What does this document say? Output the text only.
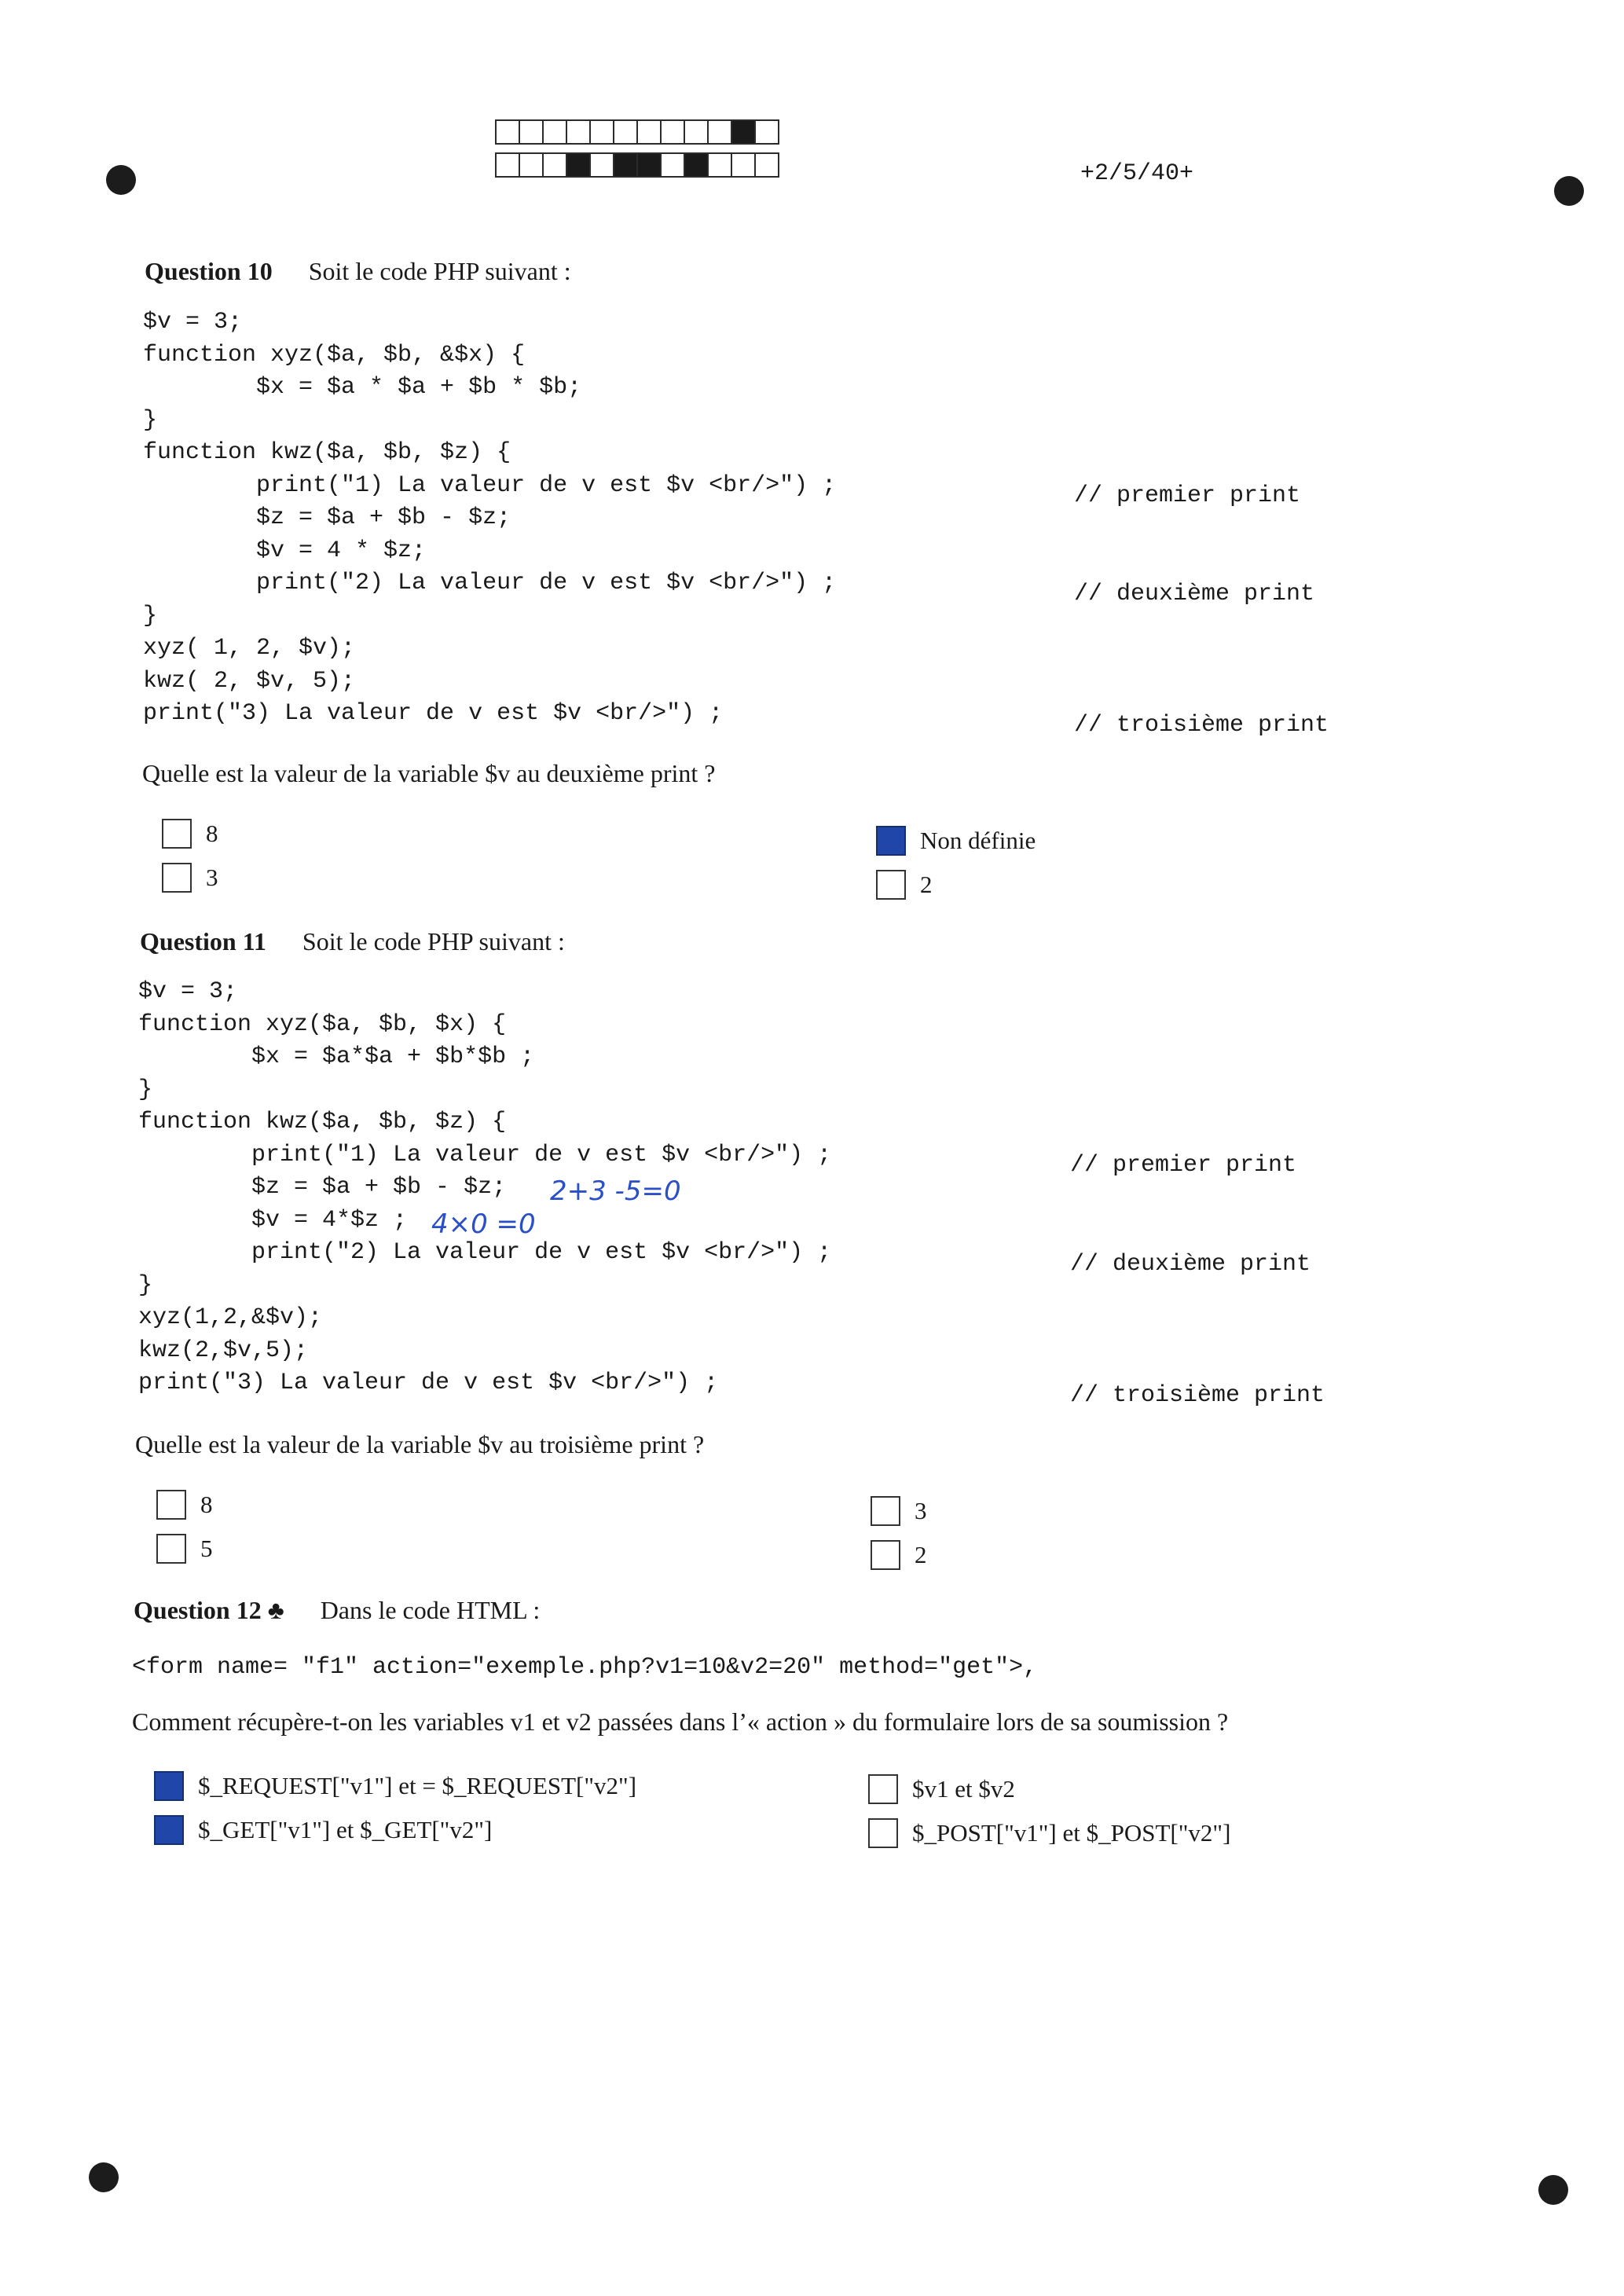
+2/5/40+
Question 10 Soit le code PHP suivant :
$v = 3;
function xyz($a, $b, &$x) {
$x = $a * $a + $b * $b;
}
function kwz($a, $b, $z) {
print("1) La valeur de v est $v <br/>") ;
$z = $a + $b - $z;
$v = 4 * $z;
print("2) La valeur de v est $v <br/>") ;
}
xyz( 1, 2, $v);
kwz( 2, $v, 5);
print("3) La valeur de v est $v <br/>") ;
// premier print
// deuxième print
// troisième print
Quelle est la valeur de la variable $v au deuxième print ?
8
3
Non définie
2
Question 11 Soit le code PHP suivant :
$v = 3;
function xyz($a, $b, $x) {
$x = $a*$a + $b*$b ;
}
function kwz($a, $b, $z) {
print("1) La valeur de v est $v <br/>") ;
$z = $a + $b - $z;
$v = 4*$z ;
print("2) La valeur de v est $v <br/>") ;
}
xyz(1,2,&$v);
kwz(2,$v,5);
print("3) La valeur de v est $v <br/>") ;
2+3 -5=0
4×0 =0
// premier print
// deuxième print
// troisième print
Quelle est la valeur de la variable $v au troisième print ?
8
5
3
2
Question 12 ♣ Dans le code HTML :
<form name= "f1" action="exemple.php?v1=10&v2=20" method="get">,
Comment récupère-t-on les variables v1 et v2 passées dans l’« action » du formulaire lors de sa soumission ?
$_REQUEST["v1"] et = $_REQUEST["v2"]
$_GET["v1"] et $_GET["v2"]
$v1 et $v2
$_POST["v1"] et $_POST["v2"]
